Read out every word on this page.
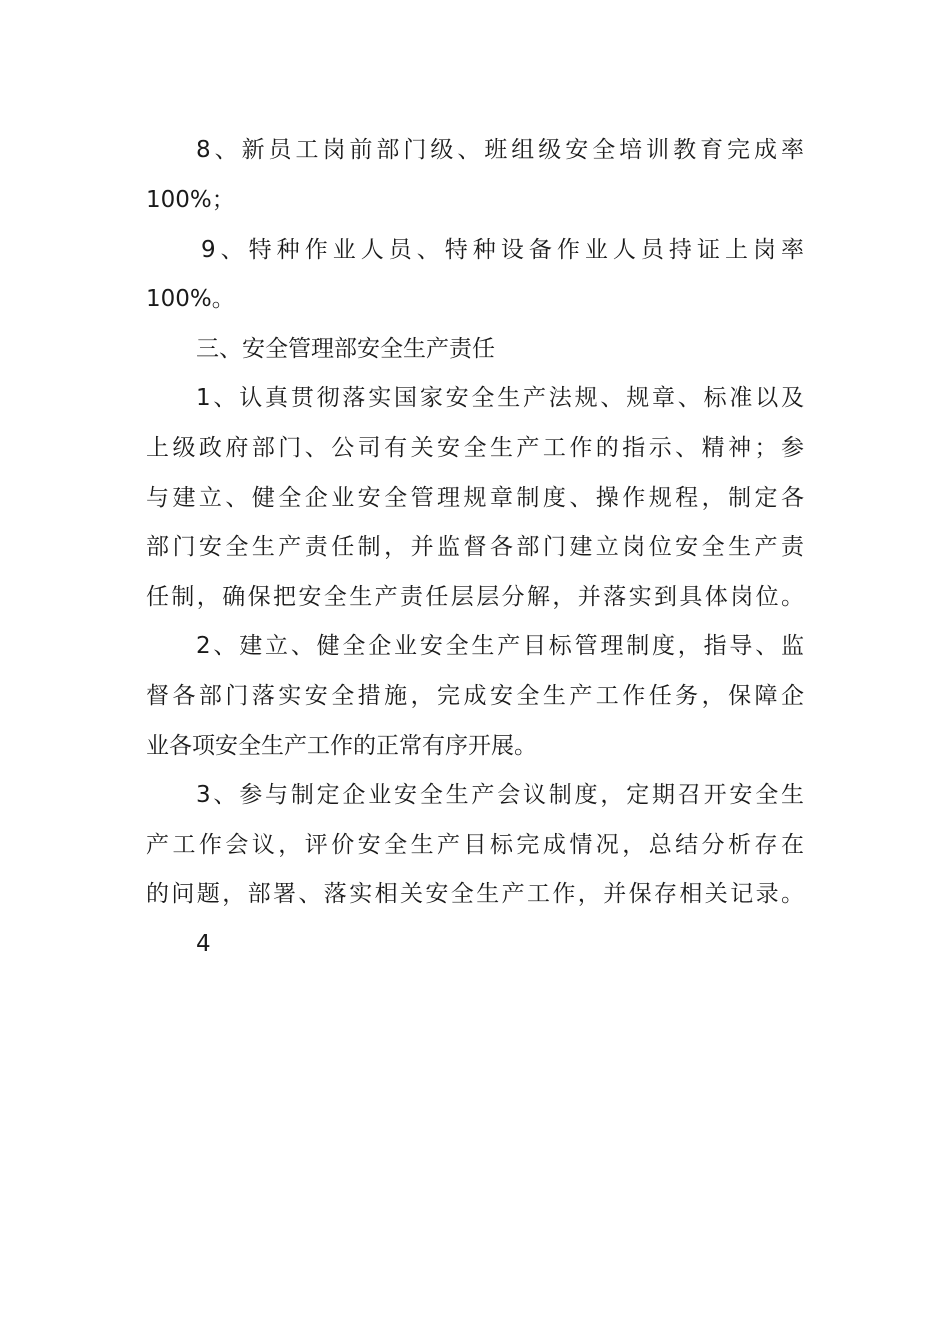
8、新员工岗前部门级、班组级安全培训教育完成率
100%；
9、特种作业人员、特种设备作业人员持证上岗率
100%。
三、安全管理部安全生产责任
1、认真贯彻落实国家安全生产法规、规章、标准以及
上级政府部门、公司有关安全生产工作的指示、精神；参
与建立、健全企业安全管理规章制度、操作规程，制定各
部门安全生产责任制，并监督各部门建立岗位安全生产责
任制，确保把安全生产责任层层分解，并落实到具体岗位。
2、建立、健全企业安全生产目标管理制度，指导、监
督各部门落实安全措施，完成安全生产工作任务，保障企
业各项安全生产工作的正常有序开展。
3、参与制定企业安全生产会议制度，定期召开安全生
产工作会议，评价安全生产目标完成情况，总结分析存在
的问题，部署、落实相关安全生产工作，并保存相关记录。
4
